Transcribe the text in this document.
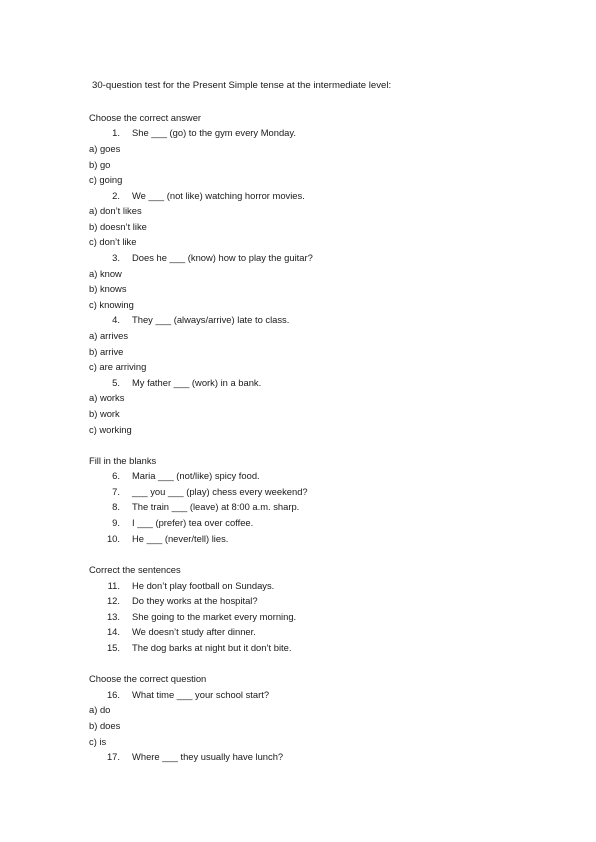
30-question test for the Present Simple tense at the intermediate level:
Choose the correct answer
1. She ___ (go) to the gym every Monday.
a) goes
b) go
c) going
2. We ___ (not like) watching horror movies.
a) don’t likes
b) doesn’t like
c) don’t like
3. Does he ___ (know) how to play the guitar?
a) know
b) knows
c) knowing
4. They ___ (always/arrive) late to class.
a) arrives
b) arrive
c) are arriving
5. My father ___ (work) in a bank.
a) works
b) work
c) working
Fill in the blanks
6. Maria ___ (not/like) spicy food.
7. ___ you ___ (play) chess every weekend?
8. The train ___ (leave) at 8:00 a.m. sharp.
9. I ___ (prefer) tea over coffee.
10. He ___ (never/tell) lies.
Correct the sentences
11. He don’t play football on Sundays.
12. Do they works at the hospital?
13. She going to the market every morning.
14. We doesn’t study after dinner.
15. The dog barks at night but it don’t bite.
Choose the correct question
16. What time ___ your school start?
a) do
b) does
c) is
17. Where ___ they usually have lunch?
